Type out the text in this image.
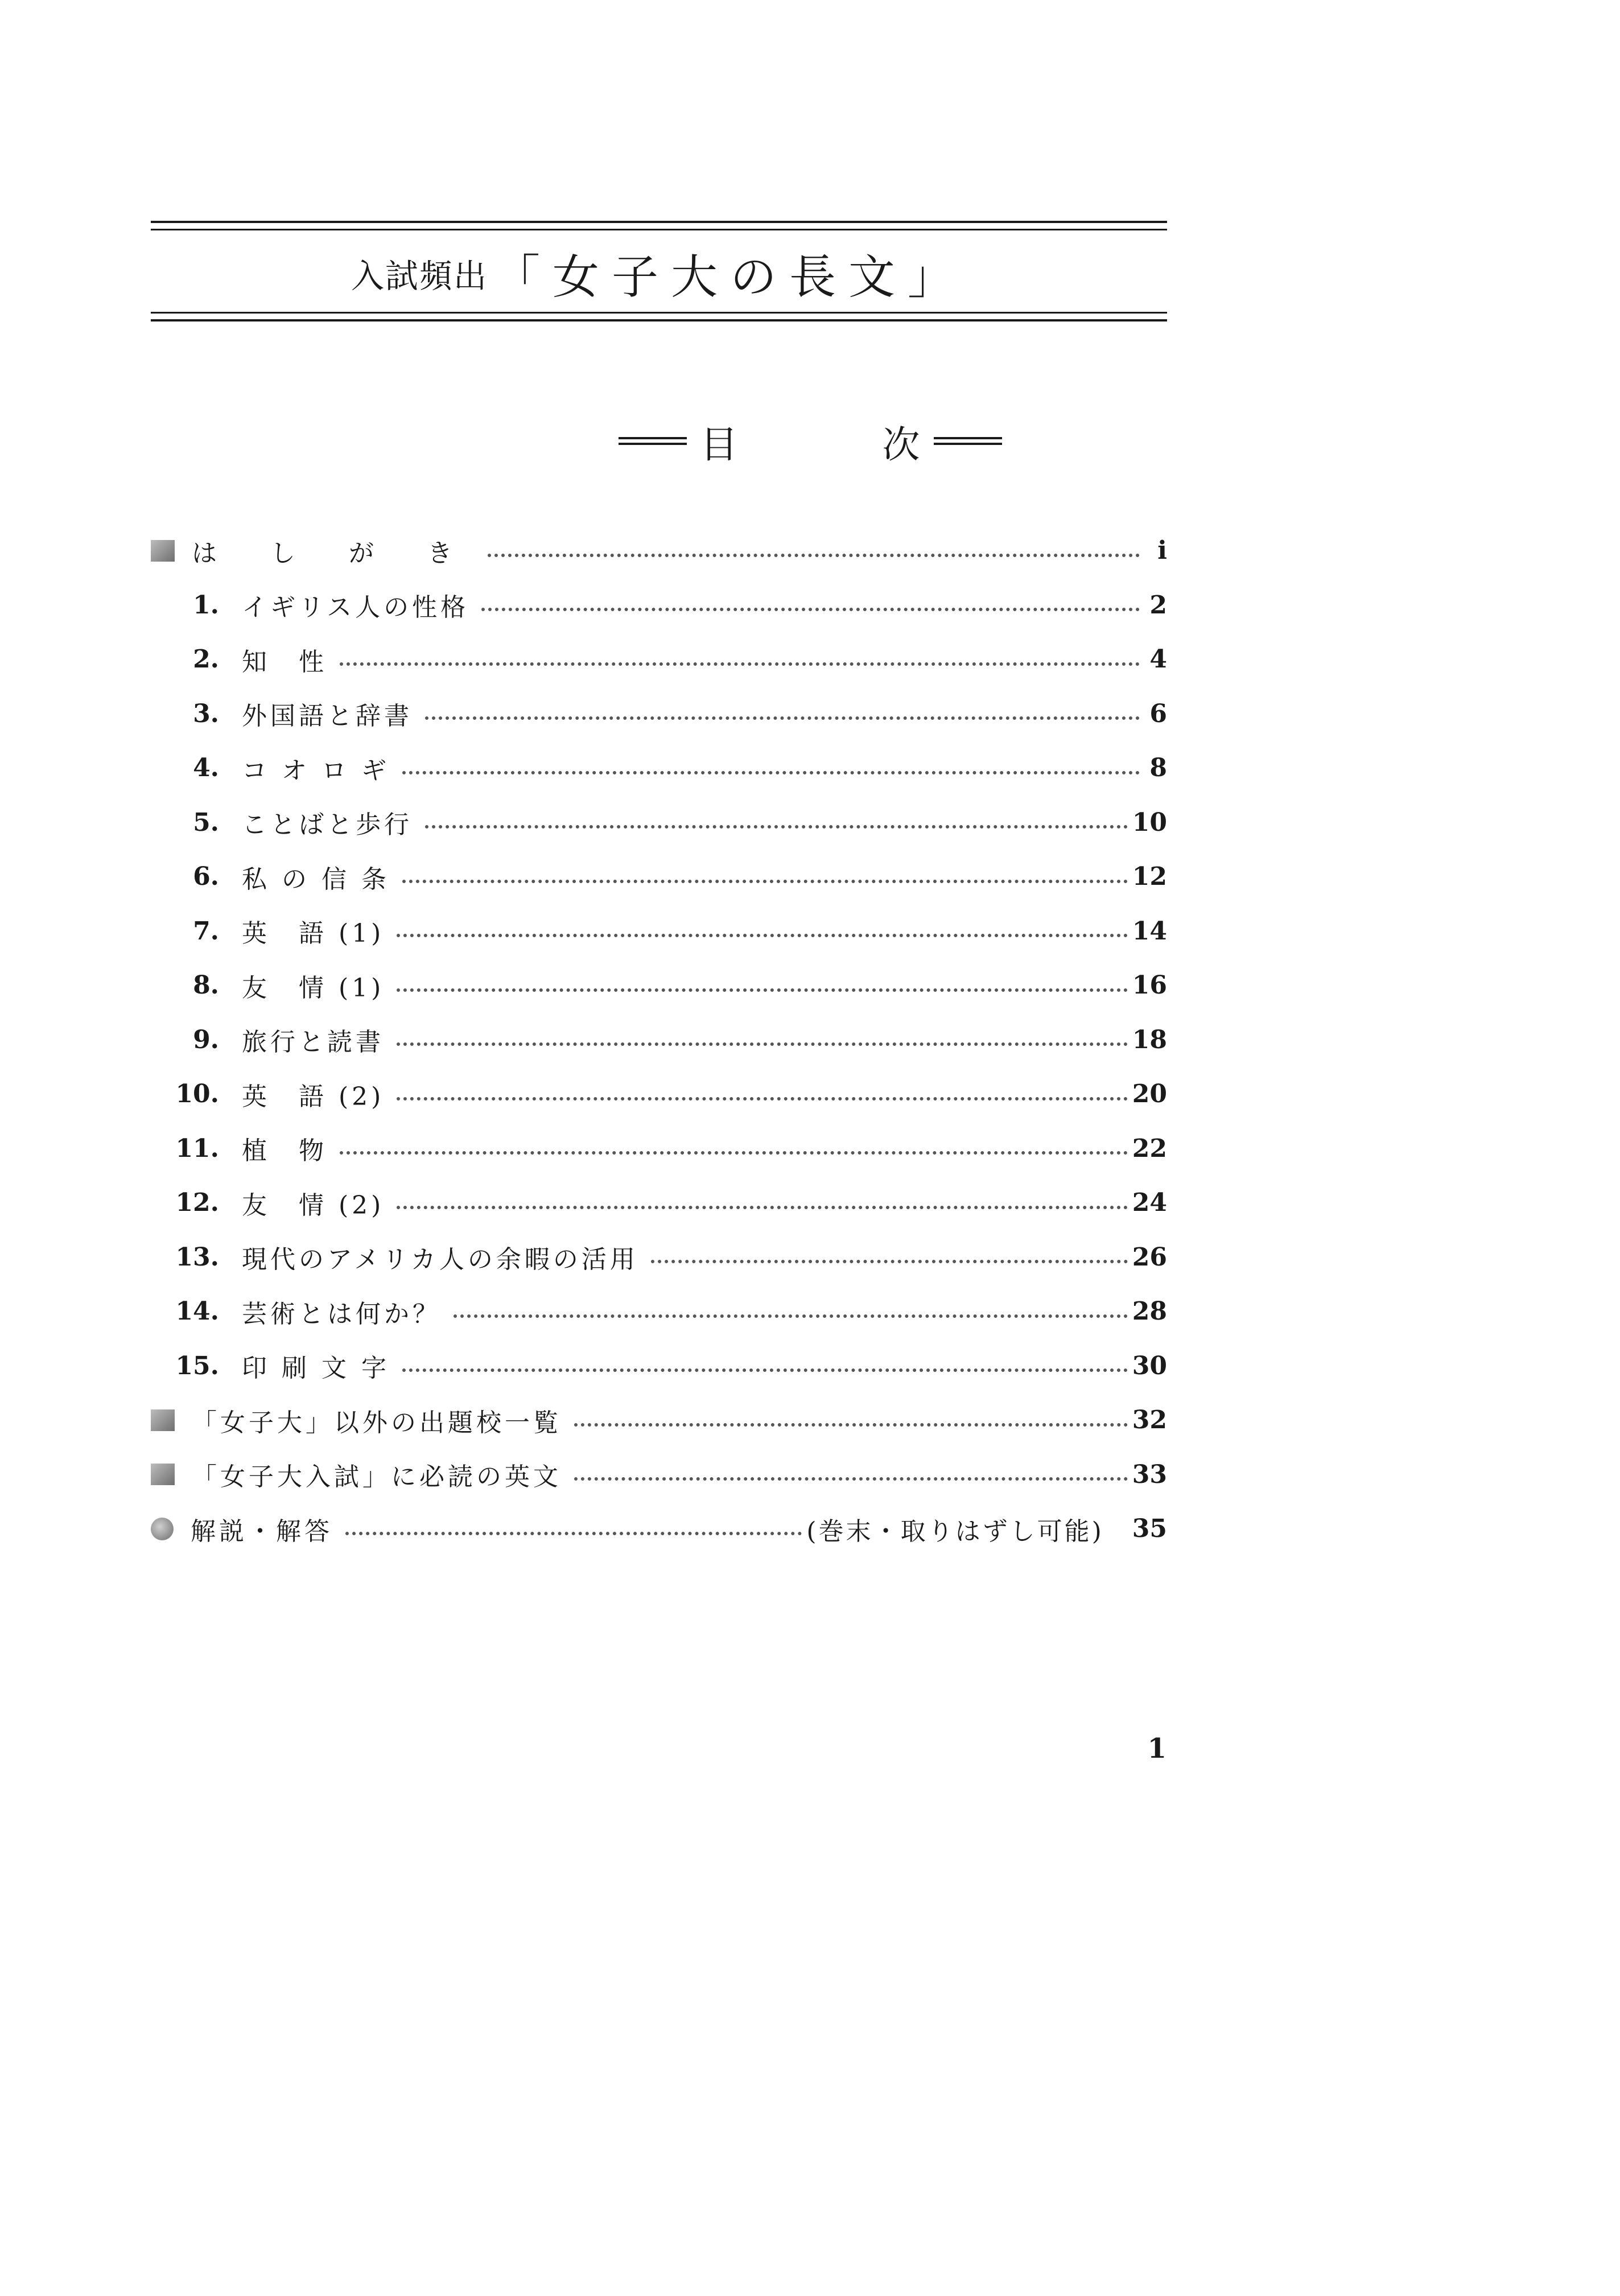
入試頻出 「女子大の長文」
目	次
は し が き	i
1. イギリス人の性格	2
2. 知　性	4
3. 外国語と辞書	6
4. コ オ ロ ギ	8
5. ことばと歩行	10
6. 私 の 信 条	12
7. 英　語 (1)	14
8. 友　情 (1)	16
9. 旅行と読書	18
10. 英　語 (2)	20
11. 植　物	22
12. 友　情 (2)	24
13. 現代のアメリカ人の余暇の活用	26
14. 芸術とは何か？	28
15. 印 刷 文 字	30
「女子大」以外の出題校一覧	32
「女子大入試」に必読の英文	33
解説・解答	(巻末・取りはずし可能) 35
1
